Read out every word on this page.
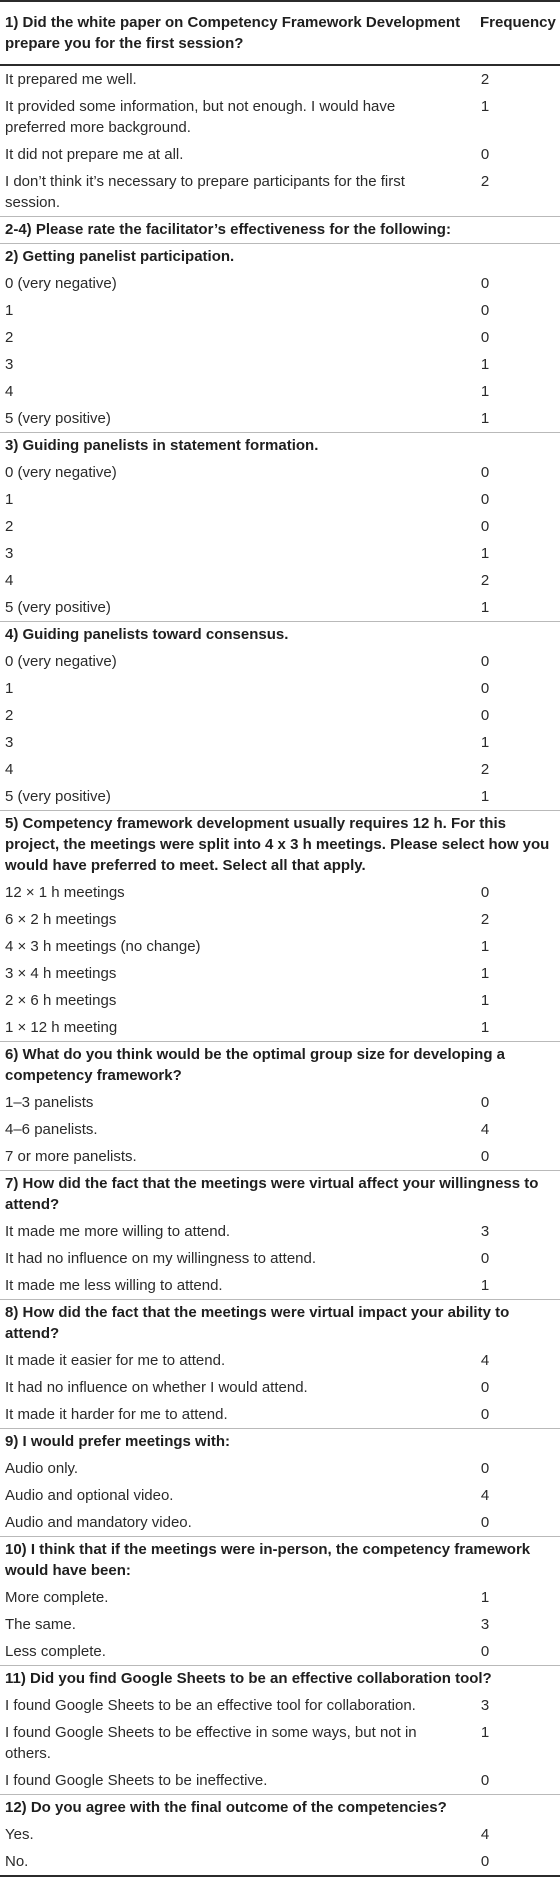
1) Did the white paper on Competency Framework Development prepare you for the first session?	Frequency
It prepared me well.	2
It provided some information, but not enough. I would have preferred more background.	1
It did not prepare me at all.	0
I don’t think it’s necessary to prepare participants for the first session.	2
2-4) Please rate the facilitator’s effectiveness for the following:	
2) Getting panelist participation.	
0 (very negative)	0
1	0
2	0
3	1
4	1
5 (very positive)	1
3) Guiding panelists in statement formation.	
0 (very negative)	0
1	0
2	0
3	1
4	2
5 (very positive)	1
4) Guiding panelists toward consensus.	
0 (very negative)	0
1	0
2	0
3	1
4	2
5 (very positive)	1
5) Competency framework development usually requires 12 h. For this project, the meetings were split into 4 x 3 h meetings. Please select how you would have preferred to meet. Select all that apply.	
12 × 1 h meetings	0
6 × 2 h meetings	2
4 × 3 h meetings (no change)	1
3 × 4 h meetings	1
2 × 6 h meetings	1
1 × 12 h meeting	1
6) What do you think would be the optimal group size for developing a competency framework?	
1–3 panelists	0
4–6 panelists.	4
7 or more panelists.	0
7) How did the fact that the meetings were virtual affect your willingness to attend?	
It made me more willing to attend.	3
It had no influence on my willingness to attend.	0
It made me less willing to attend.	1
8) How did the fact that the meetings were virtual impact your ability to attend?	
It made it easier for me to attend.	4
It had no influence on whether I would attend.	0
It made it harder for me to attend.	0
9) I would prefer meetings with:	
Audio only.	0
Audio and optional video.	4
Audio and mandatory video.	0
10) I think that if the meetings were in-person, the competency framework would have been:	
More complete.	1
The same.	3
Less complete.	0
11) Did you find Google Sheets to be an effective collaboration tool?	
I found Google Sheets to be an effective tool for collaboration.	3
I found Google Sheets to be effective in some ways, but not in others.	1
I found Google Sheets to be ineffective.	0
12) Do you agree with the final outcome of the competencies?	
Yes.	4
No.	0
